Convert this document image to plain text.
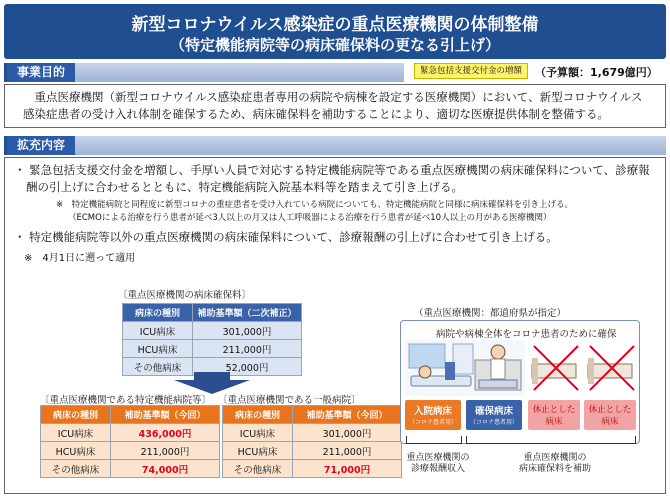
新型コロナウイルス感染症の重点医療機関の体制整備
（特定機能病院等の病床確保料の更なる引上げ）
事業目的	緊急包括支援交付金の増額	（予算額：1,679億円）
重点医療機関（新型コロナウイルス感染症患者専用の病院や病棟を設定する医療機関）において、新型コロナウイルス感染症患者の受け入れ体制を確保するため、病床確保料を補助することにより、適切な医療提供体制を整備する。
拡充内容
・ 緊急包括支援交付金を増額し、手厚い人員で対応する特定機能病院等である重点医療機関の病床確保料について、診療報酬の引上げに合わせるとともに、特定機能病院入院基本料等を踏まえて引き上げる。
※　特定機能病院と同程度に新型コロナの重症患者を受け入れている病院についても、特定機能病院と同様に病床確保料を引き上げる。
（ECMOによる治療を行う患者が延べ3人以上の月又は人工呼吸器による治療を行う患者が延べ10人以上の月がある医療機関）
・ 特定機能病院等以外の重点医療機関の病床確保料について、診療報酬の引上げに合わせて引き上げる。
※　4月1日に遡って適用
〔重点医療機関の病床確保料〕
病床の種別	補助基準額（二次補正）
ICU病床	301,000円
HCU病床	211,000円
その他病床	52,000円
〔重点医療機関である特定機能病院等〕
病床の種別	補助基準額（今回）
ICU病床	436,000円
HCU病床	211,000円
その他病床	74,000円
〔重点医療機関である一般病院〕
病床の種別	補助基準額（今回）
ICU病床	301,000円
HCU病床	211,000円
その他病床	71,000円
（重点医療機関：都道府県が指定）
病院や病棟全体をコロナ患者のために確保
入院病床
（コロナ患者用）
確保病床
（コロナ患者用）
休止とした
病床
休止とした
病床
重点医療機関の
診療報酬収入
重点医療機関の
病床確保料を補助
